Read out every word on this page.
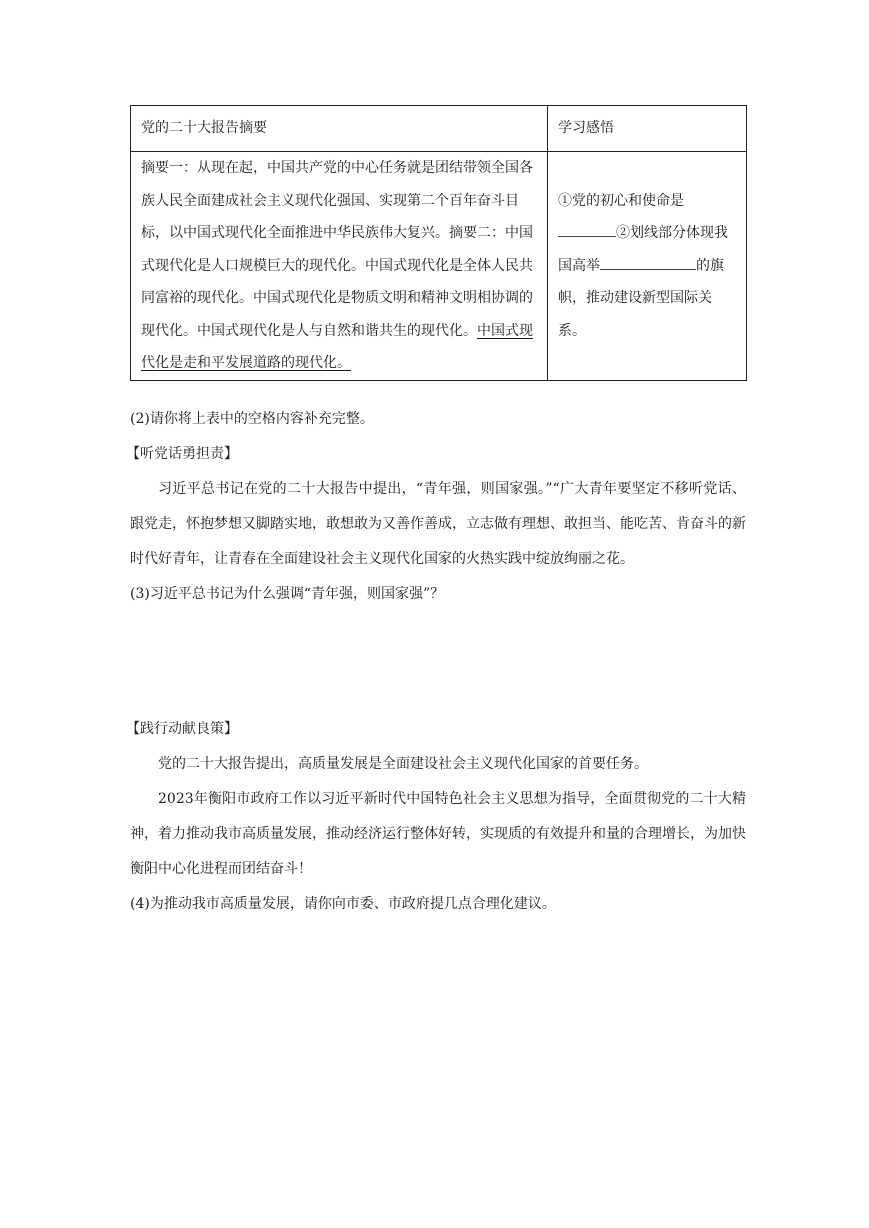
党的二十大报告摘要	学习感悟
摘要一：从现在起，中国共产党的中心任务就是团结带领全国各族人民全面建成社会主义现代化强国、实现第二个百年奋斗目标，以中国式现代化全面推进中华民族伟大复兴。摘要二：中国式现代化是人口规模巨大的现代化。中国式现代化是全体人民共同富裕的现代化。中国式现代化是物质文明和精神文明相协调的现代化。中国式现代化是人与自然和谐共生的现代化。中国式现代化是走和平发展道路的现代化。	①党的初心和使命是
②划线部分体现我国高举 的旗帜，推动建设新型国际关系。
(2)请你将上表中的空格内容补充完整。
【听党话勇担责】

习近平总书记在党的二十大报告中提出，“青年强，则国家强。”“广大青年要坚定不移听党话、跟党走，怀抱梦想又脚踏实地，敢想敢为又善作善成，立志做有理想、敢担当、能吃苦、肯奋斗的新时代好青年，让青春在全面建设社会主义现代化国家的火热实践中绽放绚丽之花。

(3)习近平总书记为什么强调“青年强，则国家强”？
【践行动献良策】

党的二十大报告提出，高质量发展是全面建设社会主义现代化国家的首要任务。

2023年衡阳市政府工作以习近平新时代中国特色社会主义思想为指导，全面贯彻党的二十大精神，着力推动我市高质量发展，推动经济运行整体好转，实现质的有效提升和量的合理增长，为加快衡阳中心化进程而团结奋斗！

(4)为推动我市高质量发展，请你向市委、市政府提几点合理化建议。
